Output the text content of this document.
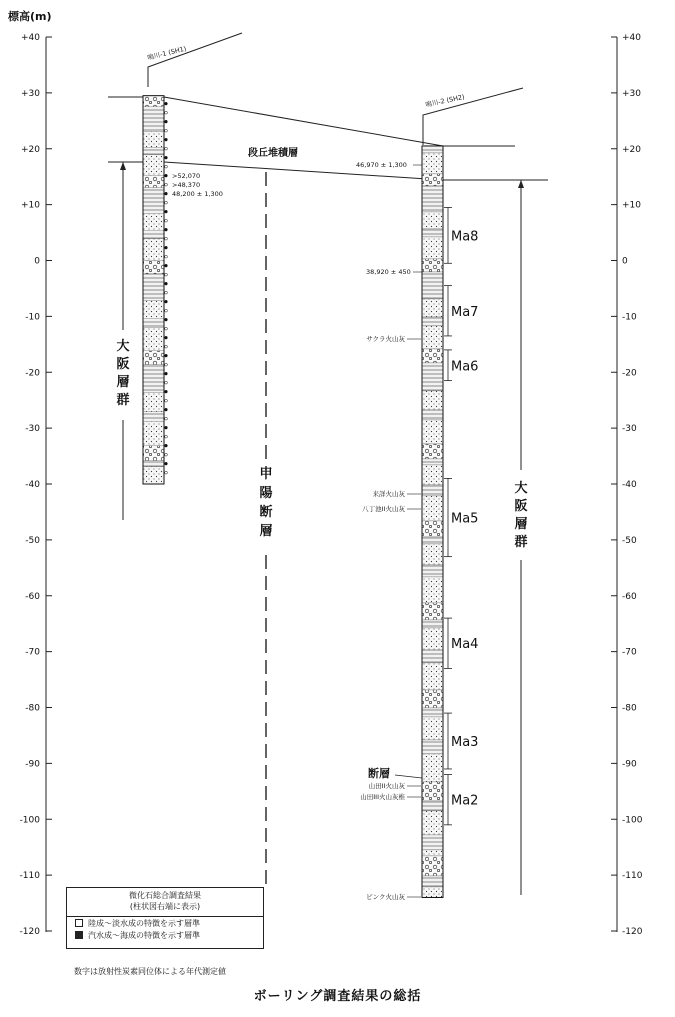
標高(m)
+40
+30
+20
+10
0
-10
-20
-30
-40
-50
-60
-70
-80
-90
-100
-110
-120
+40
+30
+20
+10
0
-10
-20
-30
-40
-50
-60
-70
-80
-90
-100
-110
-120
鳴川-1 (SH1)
鳴川-2 (SH2)
段丘堆積層
大
阪
層
群
大
阪
層
群
甲
陽
断
層
>52,070
>48,370
48,200 ± 1,300
46,970 ± 1,300
38,920 ± 450
サクラ火山灰
来詳火山灰
八丁池II火山灰
山田II火山灰
山田III火山灰椎
ピンク火山灰
Ma8
Ma7
Ma6
Ma5
Ma4
Ma3
Ma2
断層
微化石総合調査結果
(柱状図右端に表示)
陸成〜淡水成の特徴を示す層準
汽水成〜海成の特徴を示す層準
数字は放射性炭素同位体による年代測定値
ボーリング調査結果の総括
